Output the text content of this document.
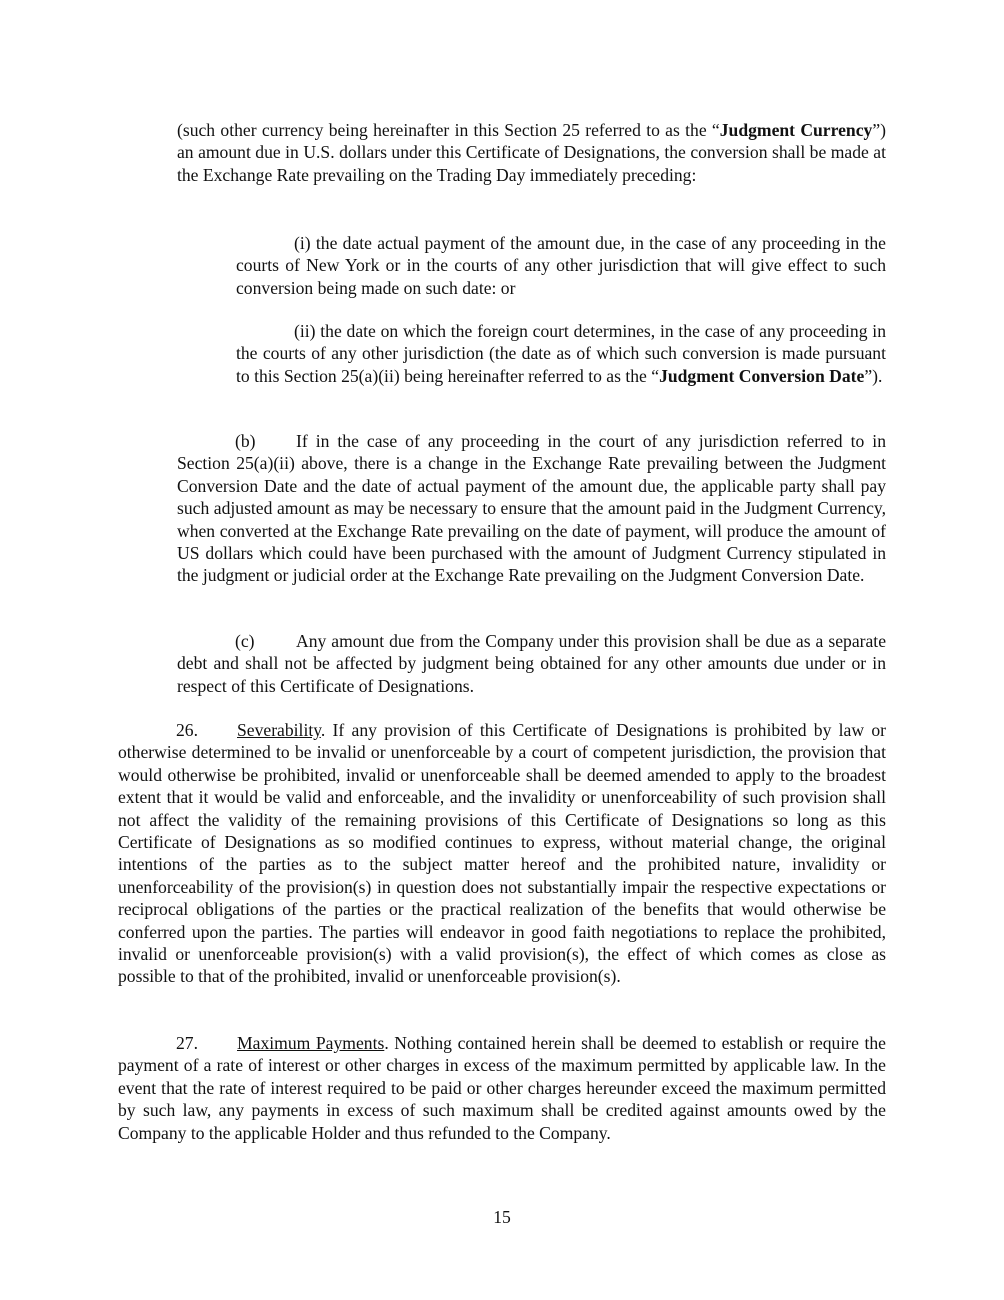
(such other currency being hereinafter in this Section 25 referred to as the “Judgment Currency”) an amount due in U.S. dollars under this Certificate of Designations, the conversion shall be made at the Exchange Rate prevailing on the Trading Day immediately preceding:

(i) the date actual payment of the amount due, in the case of any proceeding in the courts of New York or in the courts of any other jurisdiction that will give effect to such conversion being made on such date: or

(ii) the date on which the foreign court determines, in the case of any proceeding in the courts of any other jurisdiction (the date as of which such conversion is made pursuant to this Section 25(a)(ii) being hereinafter referred to as the “Judgment Conversion Date”).

(b) If in the case of any proceeding in the court of any jurisdiction referred to in Section 25(a)(ii) above, there is a change in the Exchange Rate prevailing between the Judgment Conversion Date and the date of actual payment of the amount due, the applicable party shall pay such adjusted amount as may be necessary to ensure that the amount paid in the Judgment Currency, when converted at the Exchange Rate prevailing on the date of payment, will produce the amount of US dollars which could have been purchased with the amount of Judgment Currency stipulated in the judgment or judicial order at the Exchange Rate prevailing on the Judgment Conversion Date.

(c) Any amount due from the Company under this provision shall be due as a separate debt and shall not be affected by judgment being obtained for any other amounts due under or in respect of this Certificate of Designations.

26. Severability. If any provision of this Certificate of Designations is prohibited by law or otherwise determined to be invalid or unenforceable by a court of competent jurisdiction, the provision that would otherwise be prohibited, invalid or unenforceable shall be deemed amended to apply to the broadest extent that it would be valid and enforceable, and the invalidity or unenforceability of such provision shall not affect the validity of the remaining provisions of this Certificate of Designations so long as this Certificate of Designations as so modified continues to express, without material change, the original intentions of the parties as to the subject matter hereof and the prohibited nature, invalidity or unenforceability of the provision(s) in question does not substantially impair the respective expectations or reciprocal obligations of the parties or the practical realization of the benefits that would otherwise be conferred upon the parties. The parties will endeavor in good faith negotiations to replace the prohibited, invalid or unenforceable provision(s) with a valid provision(s), the effect of which comes as close as possible to that of the prohibited, invalid or unenforceable provision(s).

27. Maximum Payments. Nothing contained herein shall be deemed to establish or require the payment of a rate of interest or other charges in excess of the maximum permitted by applicable law. In the event that the rate of interest required to be paid or other charges hereunder exceed the maximum permitted by such law, any payments in excess of such maximum shall be credited against amounts owed by the Company to the applicable Holder and thus refunded to the Company.

15
